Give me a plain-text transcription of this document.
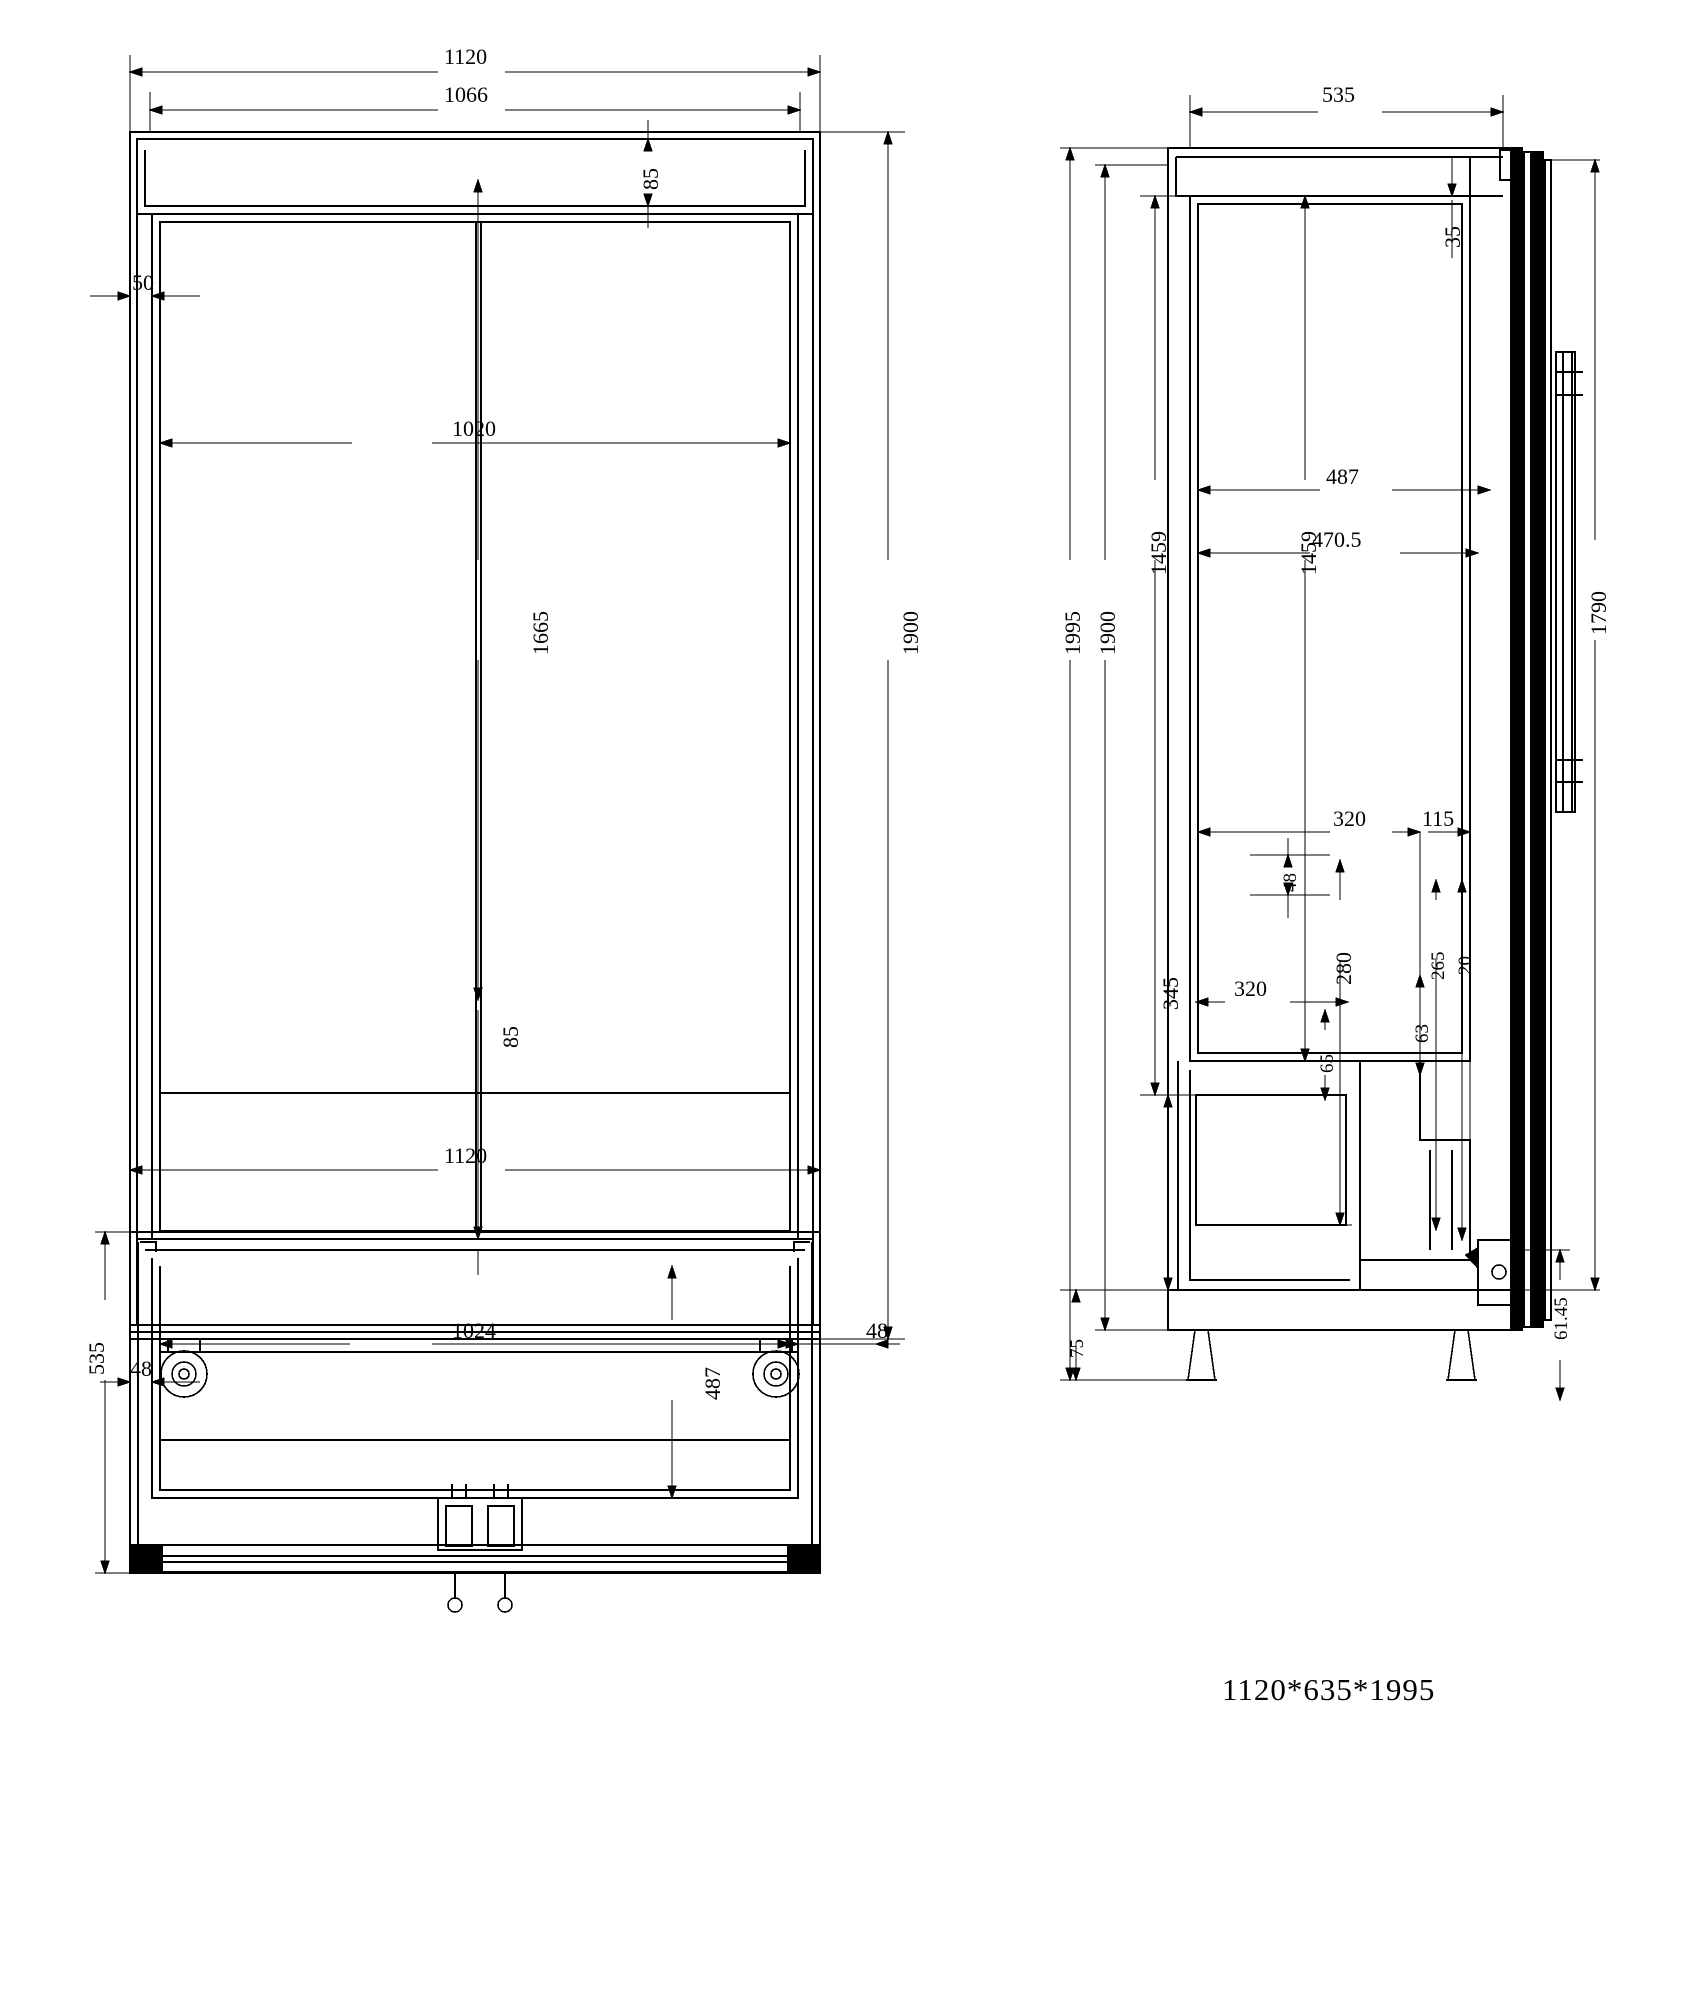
1120
1066
85
50
1020
1665	1900
85
535
35
1995 1900
1459	1459
487
470.5
1790
320	115
48
345
280	265 20
320
63
65
75
61.45
1120
535
1024	48
48	487
1120*635*1995
